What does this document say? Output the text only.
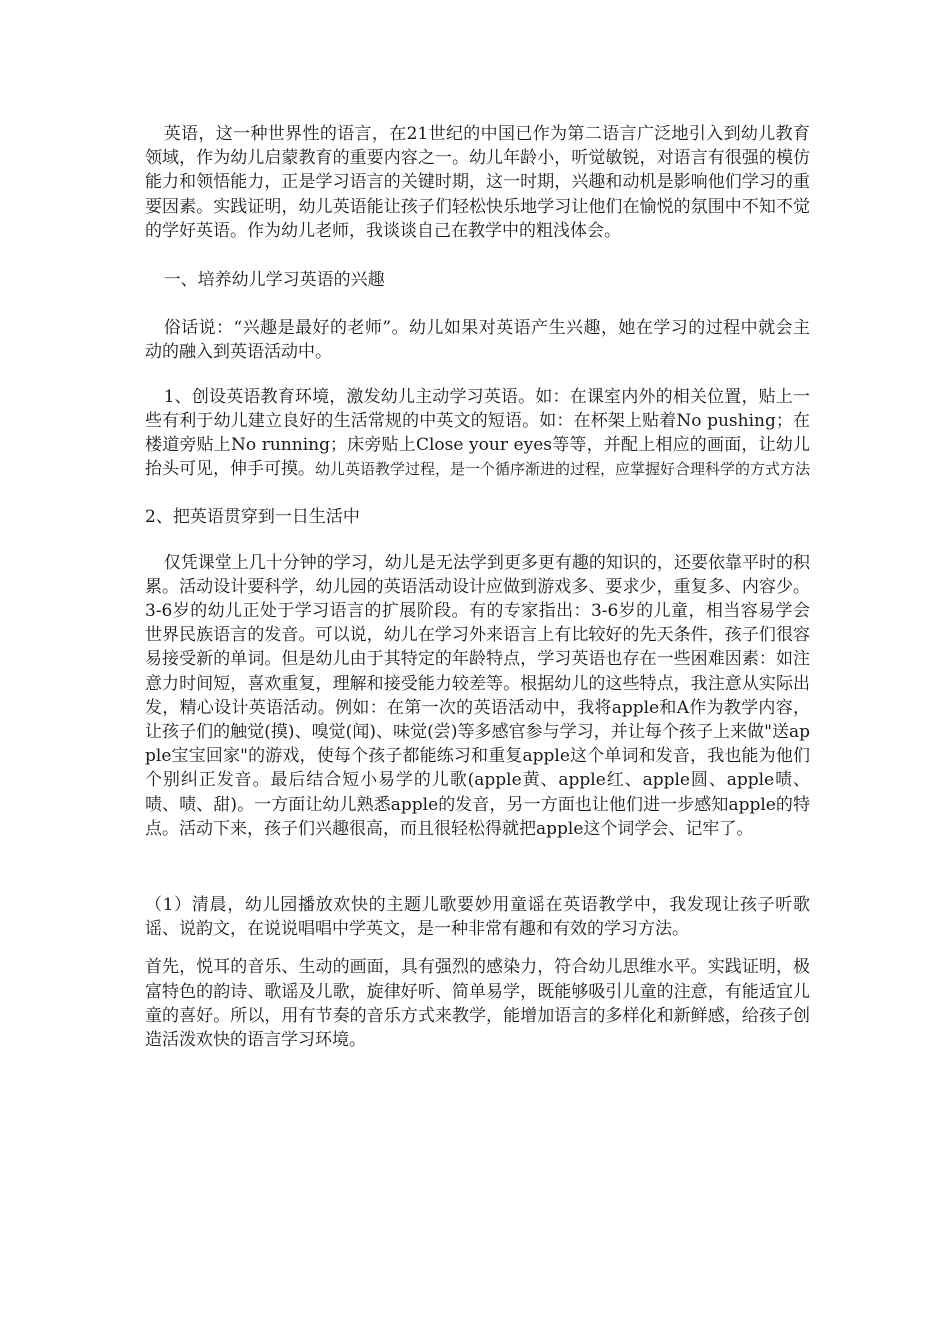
英语，这一种世界性的语言，在21世纪的中国已作为第二语言广泛地引入到幼儿教育领域，作为幼儿启蒙教育的重要内容之一。幼儿年龄小，听觉敏锐，对语言有很强的模仿能力和领悟能力，正是学习语言的关键时期，这一时期，兴趣和动机是影响他们学习的重要因素。实践证明，幼儿英语能让孩子们轻松快乐地学习让他们在愉悦的氛围中不知不觉的学好英语。作为幼儿老师，我谈谈自己在教学中的粗浅体会。

一、培养幼儿学习英语的兴趣

俗话说：“兴趣是最好的老师”。幼儿如果对英语产生兴趣，她在学习的过程中就会主动的融入到英语活动中。

1、创设英语教育环境，激发幼儿主动学习英语。如：在课室内外的相关位置，贴上一些有利于幼儿建立良好的生活常规的中英文的短语。如：在杯架上贴着No pushing；在楼道旁贴上No running；床旁贴上Close your eyes等等，并配上相应的画面，让幼儿抬头可见，伸手可摸。幼儿英语教学过程，是一个循序渐进的过程，应掌握好合理科学的方式方法

2、把英语贯穿到一日生活中

仅凭课堂上几十分钟的学习，幼儿是无法学到更多更有趣的知识的，还要依靠平时的积累。活动设计要科学，幼儿园的英语活动设计应做到游戏多、要求少，重复多、内容少。3-6岁的幼儿正处于学习语言的扩展阶段。有的专家指出：3-6岁的儿童，相当容易学会世界民族语言的发音。可以说，幼儿在学习外来语言上有比较好的先天条件，孩子们很容易接受新的单词。但是幼儿由于其特定的年龄特点，学习英语也存在一些困难因素：如注意力时间短，喜欢重复，理解和接受能力较差等。根据幼儿的这些特点，我注意从实际出发，精心设计英语活动。例如：在第一次的英语活动中，我将apple和A作为教学内容，让孩子们的触觉(摸)、嗅觉(闻)、味觉(尝)等多感官参与学习，并让每个孩子上来做"送apple宝宝回家"的游戏，使每个孩子都能练习和重复apple这个单词和发音，我也能为他们个别纠正发音。最后结合短小易学的儿歌(apple黄、apple红、apple圆、apple啧、啧、啧、甜)。一方面让幼儿熟悉apple的发音，另一方面也让他们进一步感知apple的特点。活动下来，孩子们兴趣很高，而且很轻松得就把apple这个词学会、记牢了。

（1）清晨，幼儿园播放欢快的主题儿歌要妙用童谣在英语教学中，我发现让孩子听歌谣、说韵文，在说说唱唱中学英文，是一种非常有趣和有效的学习方法。

首先，悦耳的音乐、生动的画面，具有强烈的感染力，符合幼儿思维水平。实践证明，极富特色的韵诗、歌谣及儿歌，旋律好听、简单易学，既能够吸引儿童的注意，有能适宜儿童的喜好。所以，用有节奏的音乐方式来教学，能增加语言的多样化和新鲜感，给孩子创造活泼欢快的语言学习环境。
